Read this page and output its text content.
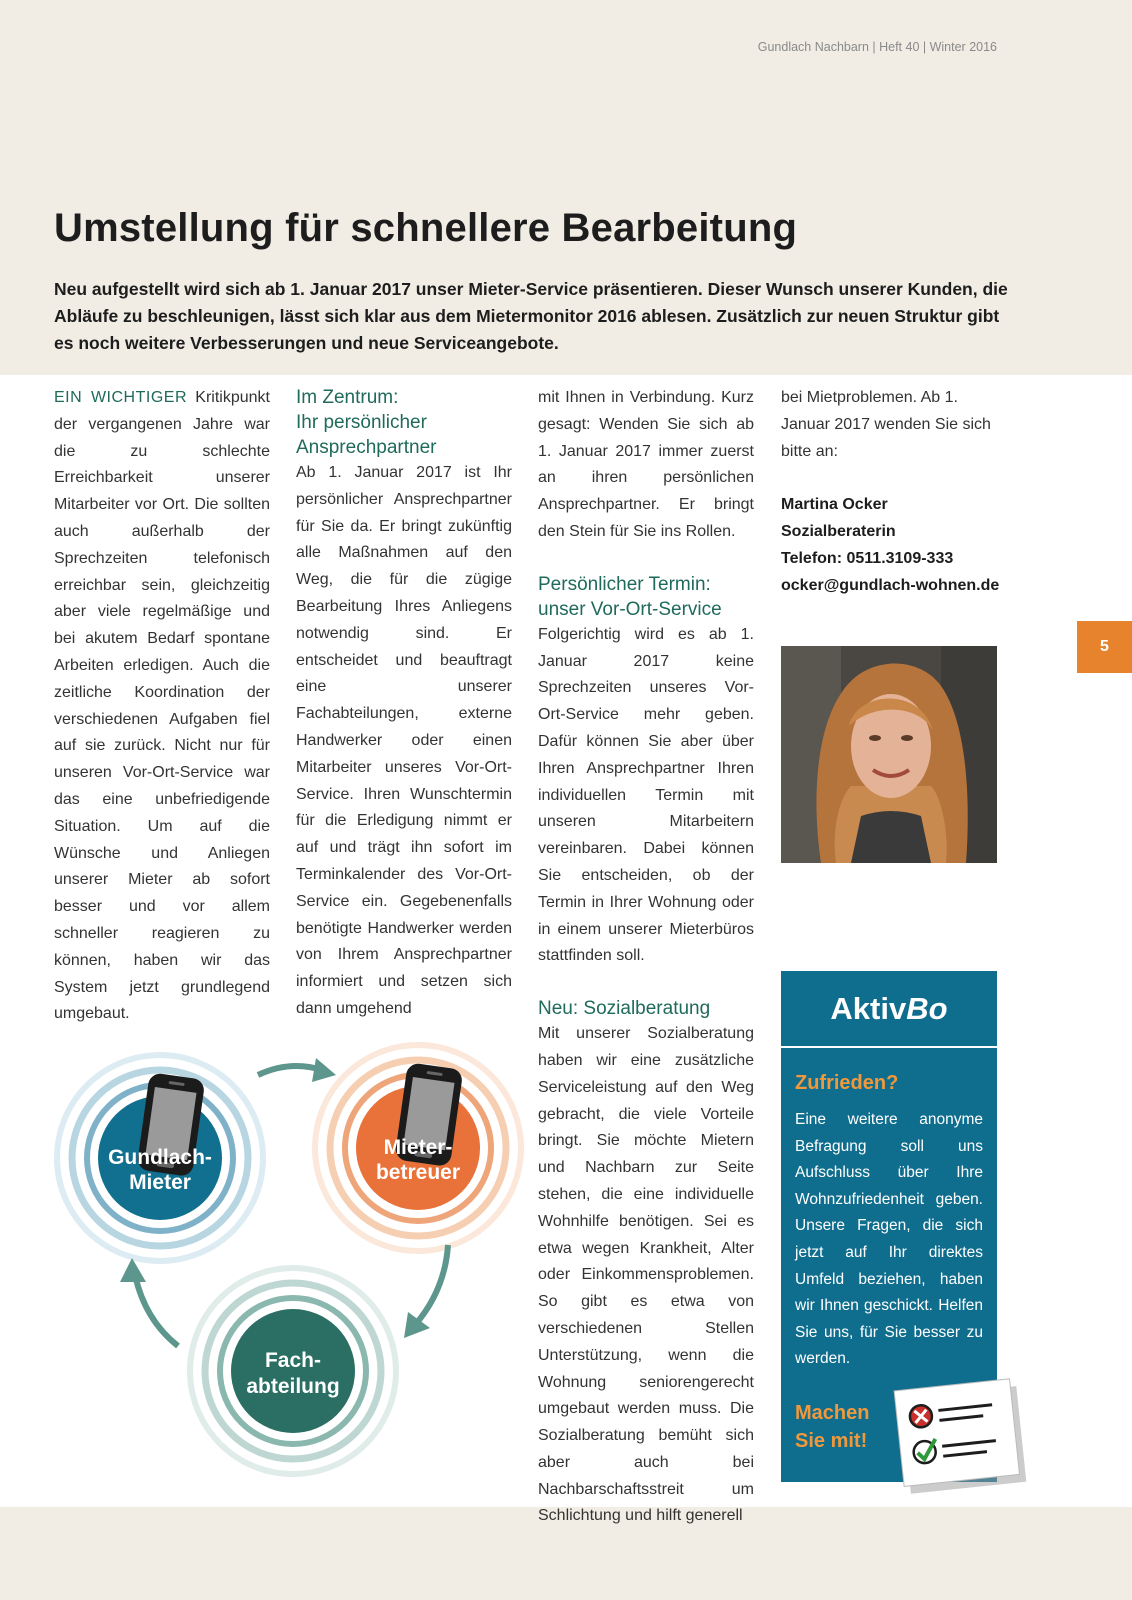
Gundlach Nachbarn | Heft 40 | Winter 2016
Umstellung für schnellere Bearbeitung

Neu aufgestellt wird sich ab 1. Januar 2017 unser Mieter-Service präsentieren. Dieser Wunsch unserer Kunden, die Abläufe zu beschleunigen, lässt sich klar aus dem Mietermonitor 2016 ablesen. Zusätzlich zur neuen Struktur gibt es noch weitere Verbesserungen und neue Serviceangebote.

EIN WICHTIGER Kritikpunkt der vergangenen Jahre war die zu schlechte Erreichbarkeit unserer Mitarbeiter vor Ort. Die sollten auch außerhalb der Sprechzeiten telefonisch erreichbar sein, gleichzeitig aber viele regelmäßige und bei akutem Bedarf spontane Arbeiten erledigen. Auch die zeitliche Koordination der verschiedenen Aufgaben fiel auf sie zurück. Nicht nur für unseren Vor-Ort-Service war das eine unbefriedigende Situation. Um auf die Wünsche und Anliegen unserer Mieter ab sofort besser und vor allem schneller reagieren zu können, haben wir das System jetzt grundlegend umgebaut.

Im Zentrum:
Ihr persönlicher Ansprechpartner

Ab 1. Januar 2017 ist Ihr persönlicher Ansprechpartner für Sie da. Er bringt zukünftig alle Maßnahmen auf den Weg, die für die zügige Bearbeitung Ihres Anliegens notwendig sind. Er entscheidet und beauftragt eine unserer Fachabteilungen, externe Handwerker oder einen Mitarbeiter unseres Vor-Ort-Service. Ihren Wunschtermin für die Erledigung nimmt er auf und trägt ihn sofort im Terminkalender des Vor-Ort-Service ein. Gegebenenfalls benötigte Handwerker werden von Ihrem Ansprechpartner informiert und setzen sich dann umgehend

mit Ihnen in Verbindung. Kurz gesagt: Wenden Sie sich ab 1. Januar 2017 immer zuerst an ihren persönlichen Ansprechpartner. Er bringt den Stein für Sie ins Rollen.

Persönlicher Termin:
unser Vor-Ort-Service

Folgerichtig wird es ab 1. Januar 2017 keine Sprechzeiten unseres Vor-Ort-Service mehr geben. Dafür können Sie aber über Ihren Ansprechpartner Ihren individuellen Termin mit unseren Mitarbeitern vereinbaren. Dabei können Sie entscheiden, ob der Termin in Ihrer Wohnung oder in einem unserer Mieterbüros stattfinden soll.

Neu: Sozialberatung

Mit unserer Sozialberatung haben wir eine zusätzliche Serviceleistung auf den Weg gebracht, die viele Vorteile bringt. Sie möchte Mietern und Nachbarn zur Seite stehen, die eine individuelle Wohnhilfe benötigen. Sei es etwa wegen Krankheit, Alter oder Einkommensproblemen. So gibt es etwa von verschiedenen Stellen Unterstützung, wenn die Wohnung seniorengerecht umgebaut werden muss. Die Sozialberatung bemüht sich aber auch bei Nachbarschaftsstreit um Schlichtung und hilft generell

bei Mietproblemen. Ab 1. Januar 2017 wenden Sie sich bitte an:

Martina Ocker
Sozialberaterin
Telefon: 0511.3109-333
ocker@gundlach-wohnen.de
5
Gundlach-
Mieter
Mieter-
betreuer
Fach-
abteilung
Aktiv Bo
Zufrieden?

Eine weitere anonyme Befragung soll uns Aufschluss über Ihre Wohnzufriedenheit geben. Unsere Fragen, die sich jetzt auf Ihr direktes Umfeld beziehen, haben wir Ihnen geschickt. Helfen Sie uns, für Sie besser zu werden.

Machen
Sie mit!
